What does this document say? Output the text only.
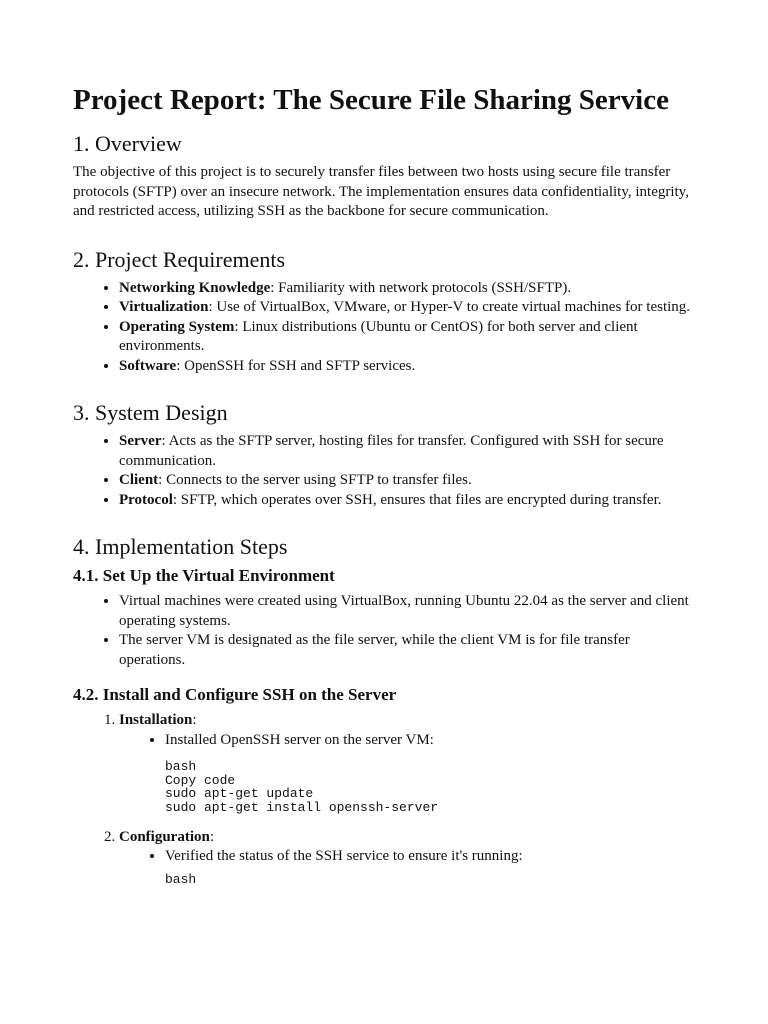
Project Report: The Secure File Sharing Service
1. Overview

The objective of this project is to securely transfer files between two hosts using secure file transfer protocols (SFTP) over an insecure network. The implementation ensures data confidentiality, integrity, and restricted access, utilizing SSH as the backbone for secure communication.

2. Project Requirements
• Networking Knowledge: Familiarity with network protocols (SSH/SFTP).
• Virtualization: Use of VirtualBox, VMware, or Hyper-V to create virtual machines for testing.
• Operating System: Linux distributions (Ubuntu or CentOS) for both server and client environments.
• Software: OpenSSH for SSH and SFTP services.
3. System Design
• Server: Acts as the SFTP server, hosting files for transfer. Configured with SSH for secure communication.
• Client: Connects to the server using SFTP to transfer files.
• Protocol: SFTP, which operates over SSH, ensures that files are encrypted during transfer.
4. Implementation Steps
4.1. Set Up the Virtual Environment
• Virtual machines were created using VirtualBox, running Ubuntu 22.04 as the server and client operating systems.
• The server VM is designated as the file server, while the client VM is for file transfer operations.
4.2. Install and Configure SSH on the Server
1. Installation:
• Installed OpenSSH server on the server VM:
bash
Copy code
sudo apt-get update
sudo apt-get install openssh-server
2. Configuration:
• Verified the status of the SSH service to ensure it's running:
bash
